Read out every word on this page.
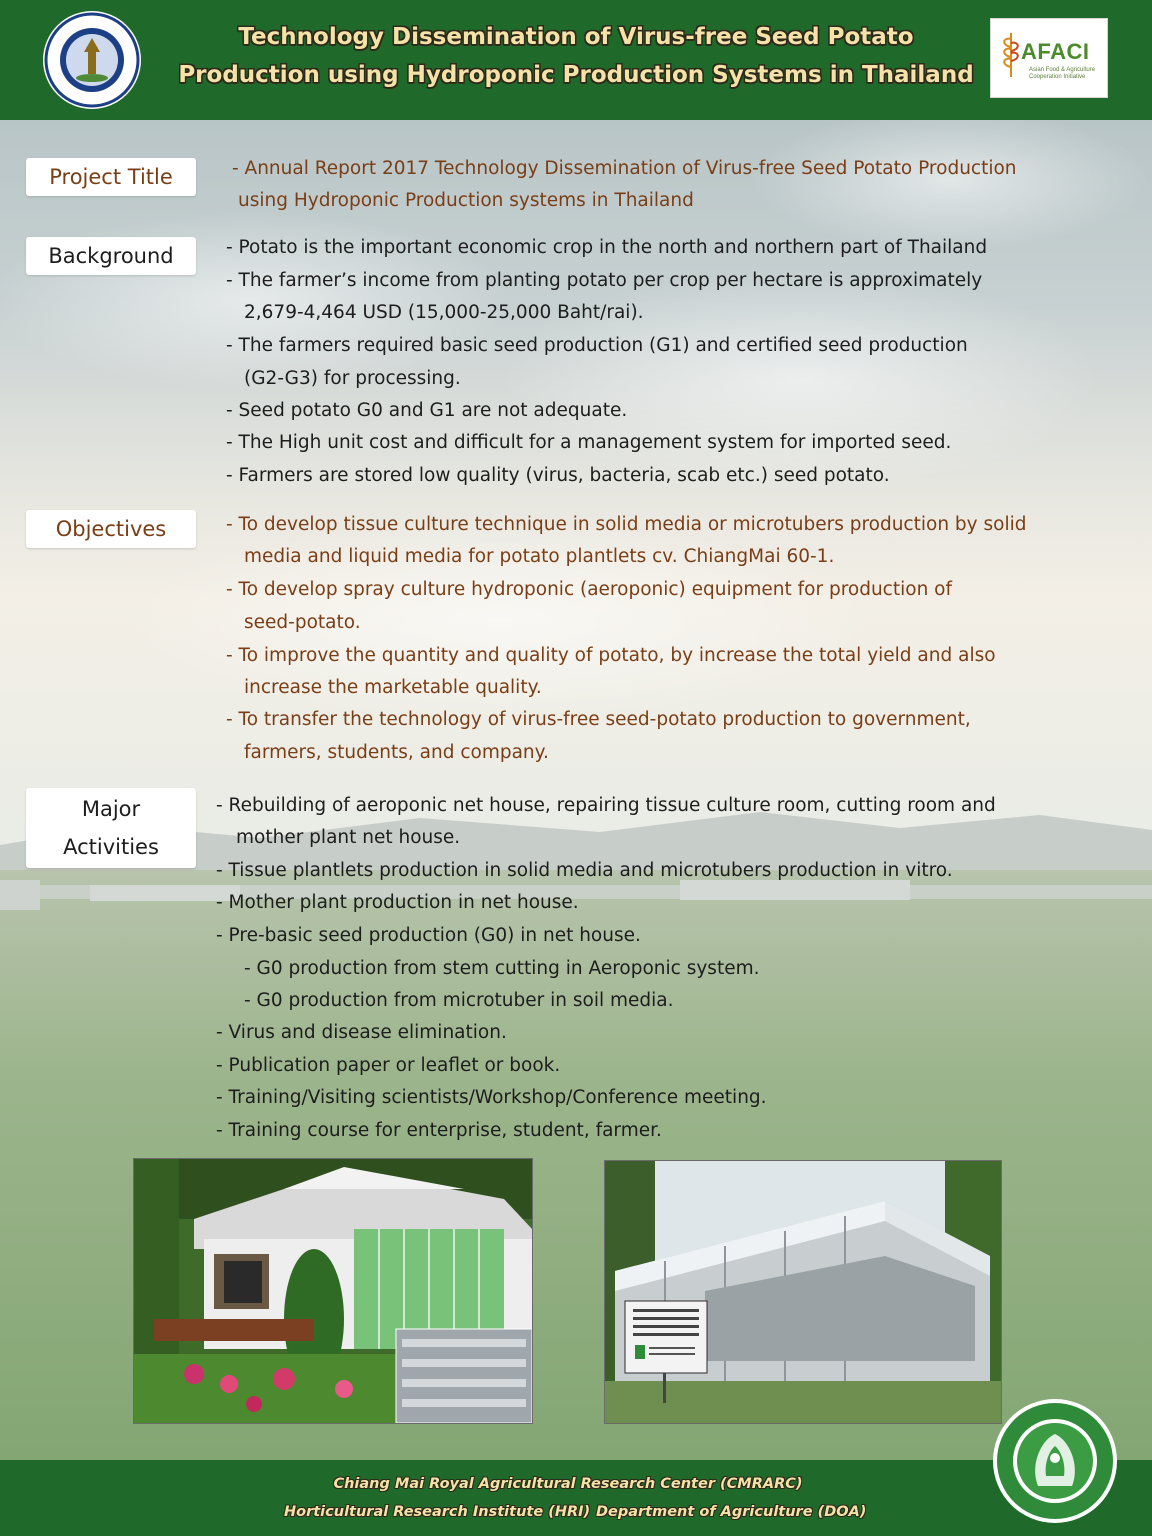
Technology Dissemination of Virus-free Seed Potato
Production using Hydroponic Production Systems in Thailand
AFACI
Asian Food & Agriculture Cooperation Initiative
Project Title	- Annual Report 2017 Technology Dissemination of Virus-free Seed Potato Production
using Hydroponic Production systems in Thailand
Background	- Potato is the important economic crop in the north and northern part of Thailand
- The farmer’s income from planting potato per crop per hectare is approximately
2,679-4,464 USD (15,000-25,000 Baht/rai).
- The farmers required basic seed production (G1) and certified seed production
(G2-G3) for processing.
- Seed potato G0 and G1 are not adequate.
- The High unit cost and difficult for a management system for imported seed.
- Farmers are stored low quality (virus, bacteria, scab etc.) seed potato.
Objectives	- To develop tissue culture technique in solid media or microtubers production by solid
media and liquid media for potato plantlets cv. ChiangMai 60-1.
- To develop spray culture hydroponic (aeroponic) equipment for production of
seed-potato.
- To improve the quantity and quality of potato, by increase the total yield and also
increase the marketable quality.
- To transfer the technology of virus-free seed-potato production to government,
farmers, students, and company.
Major
Activities
- Rebuilding of aeroponic net house, repairing tissue culture room, cutting room and
mother plant net house.
- Tissue plantlets production in solid media and microtubers production in vitro.
- Mother plant production in net house.
- Pre-basic seed production (G0) in net house.
- G0 production from stem cutting in Aeroponic system.
- G0 production from microtuber in soil media.
- Virus and disease elimination.
- Publication paper or leaflet or book.
- Training/Visiting scientists/Workshop/Conference meeting.
- Training course for enterprise, student, farmer.
Chiang Mai Royal Agricultural Research Center (CMRARC)
Horticultural Research Institute (HRI) Department of Agriculture (DOA)
